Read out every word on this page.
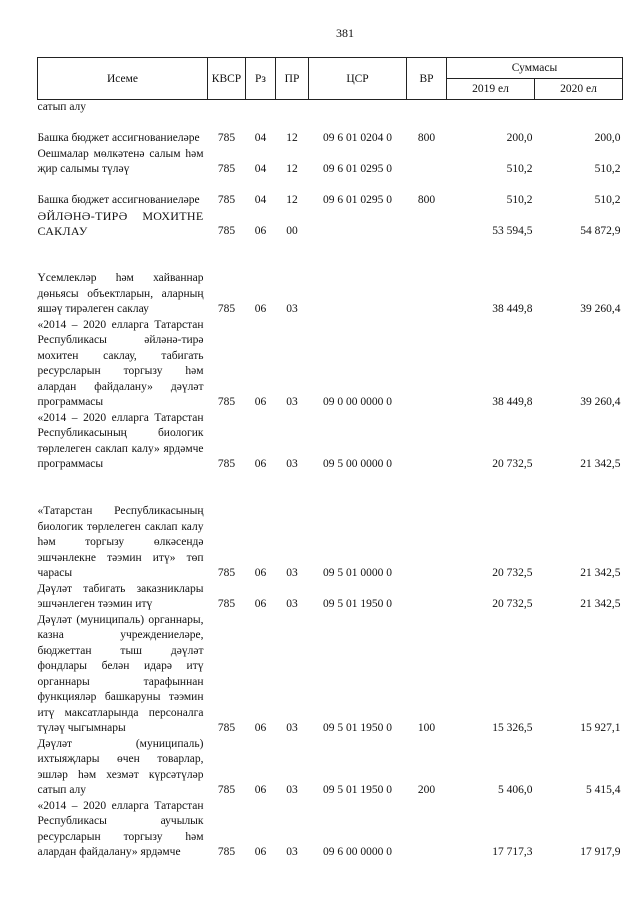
381
Исеме	КВСР	Рз	ПР	ЦСР	ВР	Суммасы	
						2019 ел	2020 ел
сатып алу							
Башка бюджет ассигнованиеләре	785	04	12	09 6 01 0204 0	800	200,0	200,0
Оешмалар мөлкәтенә салым һәм җир салымы түләү	785	04	12	09 6 01 0295 0		510,2	510,2
Башка бюджет ассигнованиеләре	785	04	12	09 6 01 0295 0	800	510,2	510,2
ӘЙЛӘНӘ-ТИРӘ МОХИТНЕ САКЛАУ	785	06	00			53 594,5	54 872,9
Үсемлекләр һәм хайваннар дөньясы объектларын, аларның яшәү тирәлеген саклау	785	06	03			38 449,8	39 260,4
«2014 – 2020 елларга Татарстан Республикасы әйләнә-тирә мохитен саклау, табигать ресурсларын торгызу һәм алардан файдалану» дәүләт программасы	785	06	03	09 0 00 0000 0		38 449,8	39 260,4
«2014 – 2020 елларга Татарстан Республикасының биологик төрлелеген саклап калу» ярдәмче программасы	785	06	03	09 5 00 0000 0		20 732,5	21 342,5
«Татарстан Республикасының биологик төрлелеген саклап калу һәм торгызу өлкәсендә эшчәнлекне тәэмин итү» төп чарасы	785	06	03	09 5 01 0000 0		20 732,5	21 342,5
Дәүләт табигать заказниклары эшчәнлеген тәэмин итү	785	06	03	09 5 01 1950 0		20 732,5	21 342,5
Дәүләт (муниципаль) органнары, казна учреждениеләре, бюджеттан тыш дәүләт фондлары белән идарә итү органнары тарафыннан функцияләр башкаруны тәэмин итү максатларында персоналга түләү чыгымнары	785	06	03	09 5 01 1950 0	100	15 326,5	15 927,1
Дәүләт (муниципаль) ихтыяҗлары өчен товарлар, эшләр һәм хезмәт күрсәтүләр сатып алу	785	06	03	09 5 01 1950 0	200	5 406,0	5 415,4
«2014 – 2020 елларга Татарстан Республикасы аучылык ресурсларын торгызу һәм алардан файдалану» ярдәмче	785	06	03	09 6 00 0000 0		17 717,3	17 917,9
